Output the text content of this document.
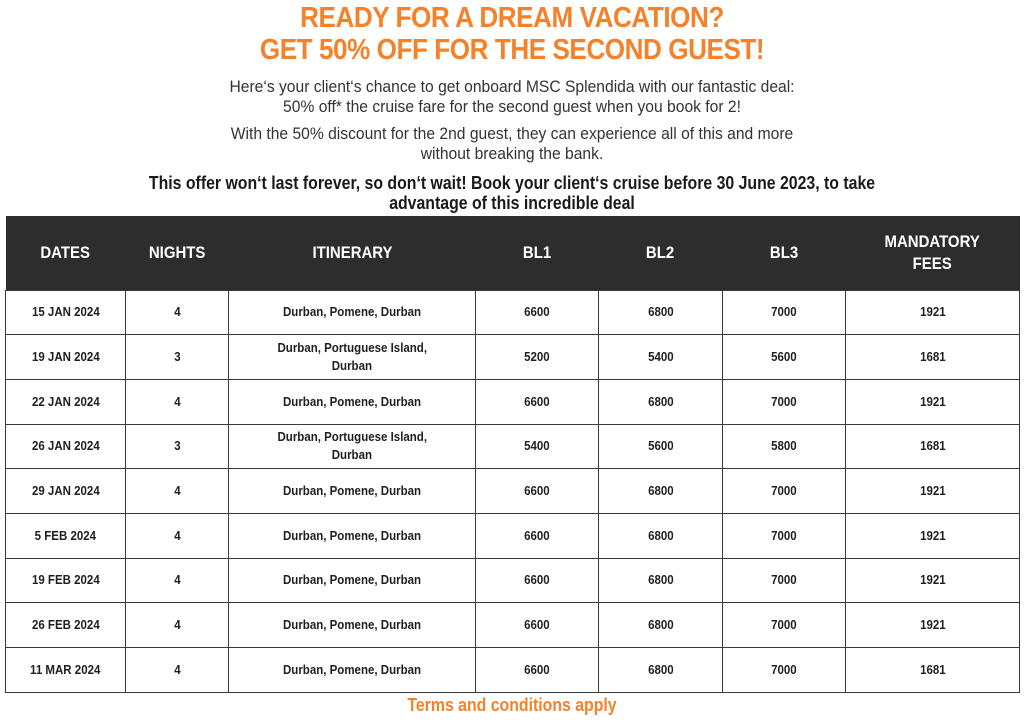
READY FOR A DREAM VACATION?
GET 50% OFF FOR THE SECOND GUEST!
Here‘s your client‘s chance to get onboard MSC Splendida with our fantastic deal:
50% off* the cruise fare for the second guest when you book for 2!
With the 50% discount for the 2nd guest, they can experience all of this and more
without breaking the bank.
This offer won‘t last forever, so don‘t wait! Book your client‘s cruise before 30 June 2023, to take
advantage of this incredible deal
DATES	NIGHTS	ITINERARY	BL1	BL2	BL3	MANDATORY
FEES
15 JAN 2024	4	Durban, Pomene, Durban	6600	6800	7000	1921
19 JAN 2024	3	Durban, Portuguese Island,
Durban	5200	5400	5600	1681
22 JAN 2024	4	Durban, Pomene, Durban	6600	6800	7000	1921
26 JAN 2024	3	Durban, Portuguese Island,
Durban	5400	5600	5800	1681
29 JAN 2024	4	Durban, Pomene, Durban	6600	6800	7000	1921
5 FEB 2024	4	Durban, Pomene, Durban	6600	6800	7000	1921
19 FEB 2024	4	Durban, Pomene, Durban	6600	6800	7000	1921
26 FEB 2024	4	Durban, Pomene, Durban	6600	6800	7000	1921
11 MAR 2024	4	Durban, Pomene, Durban	6600	6800	7000	1681
Terms and conditions apply
